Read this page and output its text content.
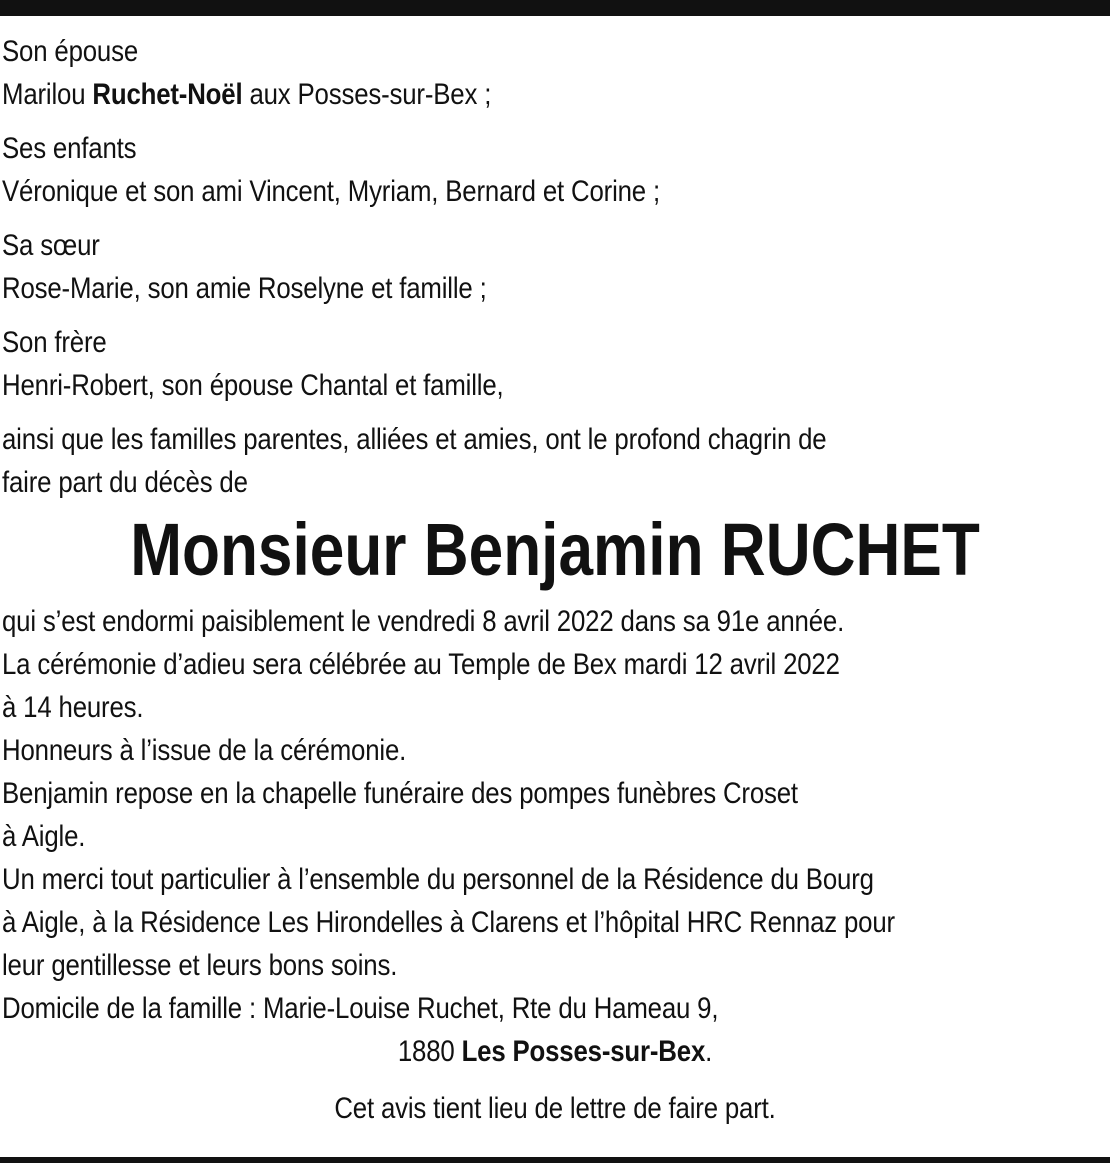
Son épouse
Marilou Ruchet-Noël aux Posses-sur-Bex ;
Ses enfants
Véronique et son ami Vincent, Myriam, Bernard et Corine ;
Sa sœur
Rose-Marie, son amie Roselyne et famille ;
Son frère
Henri-Robert, son épouse Chantal et famille,
ainsi que les familles parentes, alliées et amies, ont le profond chagrin de
faire part du décès de
Monsieur Benjamin RUCHET
qui s’est endormi paisiblement le vendredi 8 avril 2022 dans sa 91e année.
La cérémonie d’adieu sera célébrée au Temple de Bex mardi 12 avril 2022
à 14 heures.
Honneurs à l’issue de la cérémonie.
Benjamin repose en la chapelle funéraire des pompes funèbres Croset
à Aigle.
Un merci tout particulier à l’ensemble du personnel de la Résidence du Bourg
à Aigle, à la Résidence Les Hirondelles à Clarens et l’hôpital HRC Rennaz pour
leur gentillesse et leurs bons soins.
Domicile de la famille : Marie-Louise Ruchet, Rte du Hameau 9,
1880 Les Posses-sur-Bex.
Cet avis tient lieu de lettre de faire part.
